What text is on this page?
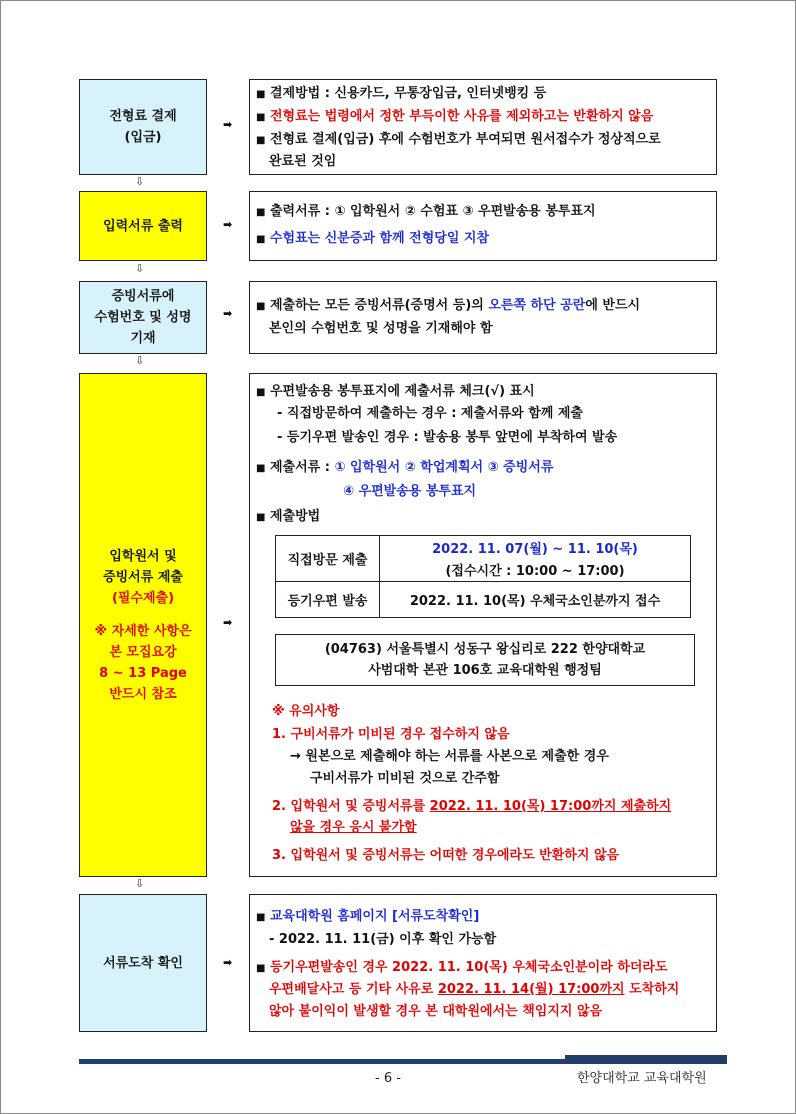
전형료 결제
(입금)
➡
■ 결제방법 : 신용카드, 무통장입금, 인터넷뱅킹 등
■ 전형료는 법령에서 정한 부득이한 사유를 제외하고는 반환하지 않음
■ 전형료 결제(입금) 후에 수험번호가 부여되면 원서접수가 정상적으로
완료된 것임
⇩
입력서류 출력	➡
■ 출력서류 : ① 입학원서 ② 수험표 ③ 우편발송용 봉투표지
■ 수험표는 신분증과 함께 전형당일 지참
⇩
증빙서류에
수험번호 및 성명
기재
➡
■ 제출하는 모든 증빙서류(증명서 등)의 오른쪽 하단 공란에 반드시
본인의 수험번호 및 성명을 기재해야 함
⇩
입학원서 및
증빙서류 제출
(필수제출)
※ 자세한 사항은
본 모집요강
8 ~ 13 Page
반드시 참조
➡
■ 우편발송용 봉투표지에 제출서류 체크(√) 표시
- 직접방문하여 제출하는 경우 : 제출서류와 함께 제출
- 등기우편 발송인 경우 : 발송용 봉투 앞면에 부착하여 발송
■ 제출서류 : ① 입학원서 ② 학업계획서 ③ 증빙서류
④ 우편발송용 봉투표지
■ 제출방법
직접방문 제출	2022. 11. 07(월) ~ 11. 10(목)
(접수시간 : 10:00 ~ 17:00)

등기우편 발송	2022. 11. 10(목) 우체국소인분까지 접수
(04763) 서울특별시 성동구 왕십리로 222 한양대학교
사범대학 본관 106호 교육대학원 행정팀
※ 유의사항
1. 구비서류가 미비된 경우 접수하지 않음
→ 원본으로 제출해야 하는 서류를 사본으로 제출한 경우
구비서류가 미비된 것으로 간주함
2. 입학원서 및 증빙서류를 2022. 11. 10(목) 17:00까지 제출하지
않을 경우 응시 불가함
3. 입학원서 및 증빙서류는 어떠한 경우에라도 반환하지 않음
⇩
서류도착 확인	➡
■ 교육대학원 홈페이지 [서류도착확인]
- 2022. 11. 11(금) 이후 확인 가능함
■ 등기우편발송인 경우 2022. 11. 10(목) 우체국소인분이라 하더라도
우편배달사고 등 기타 사유로 2022. 11. 14(월) 17:00까지 도착하지
않아 불이익이 발생할 경우 본 대학원에서는 책임지지 않음
- 6 -	한양대학교 교육대학원
